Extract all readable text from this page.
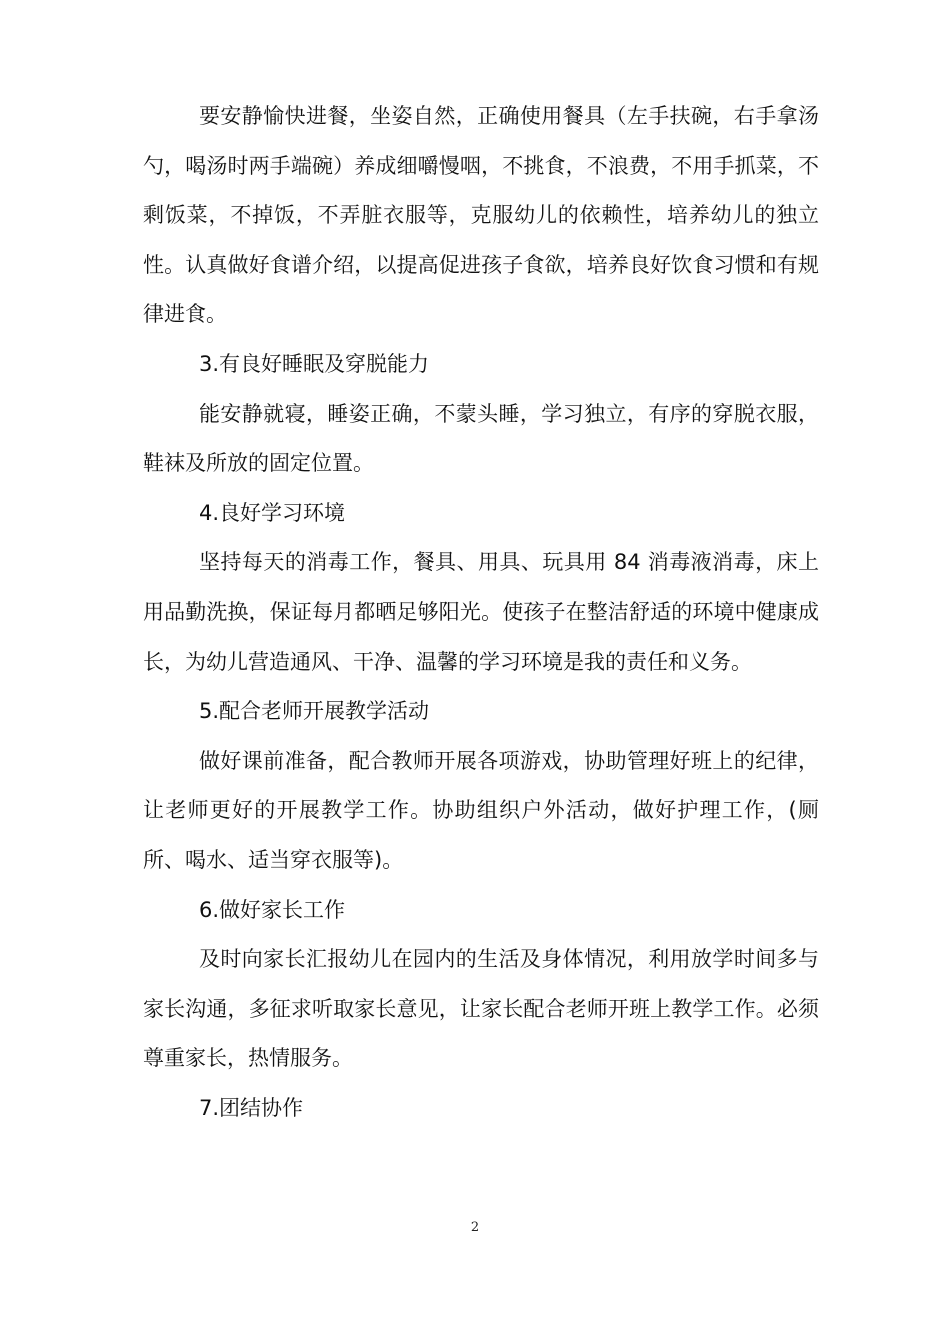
要安静愉快进餐，坐姿自然，正确使用餐具（左手扶碗，右手拿汤勺，喝汤时两手端碗）养成细嚼慢咽，不挑食，不浪费，不用手抓菜，不剩饭菜，不掉饭，不弄脏衣服等，克服幼儿的依赖性，培养幼儿的独立性。认真做好食谱介绍，以提高促进孩子食欲，培养良好饮食习惯和有规律进食。

3.有良好睡眠及穿脱能力

能安静就寝，睡姿正确，不蒙头睡，学习独立，有序的穿脱衣服，鞋袜及所放的固定位置。

4.良好学习环境

坚持每天的消毒工作，餐具、用具、玩具用 84 消毒液消毒，床上用品勤洗换，保证每月都晒足够阳光。使孩子在整洁舒适的环境中健康成长，为幼儿营造通风、干净、温馨的学习环境是我的责任和义务。

5.配合老师开展教学活动

做好课前准备，配合教师开展各项游戏，协助管理好班上的纪律，让老师更好的开展教学工作。协助组织户外活动，做好护理工作，(厕所、喝水、适当穿衣服等)。

6.做好家长工作

及时向家长汇报幼儿在园内的生活及身体情况，利用放学时间多与家长沟通，多征求听取家长意见，让家长配合老师开班上教学工作。必须尊重家长，热情服务。

7.团结协作

2
